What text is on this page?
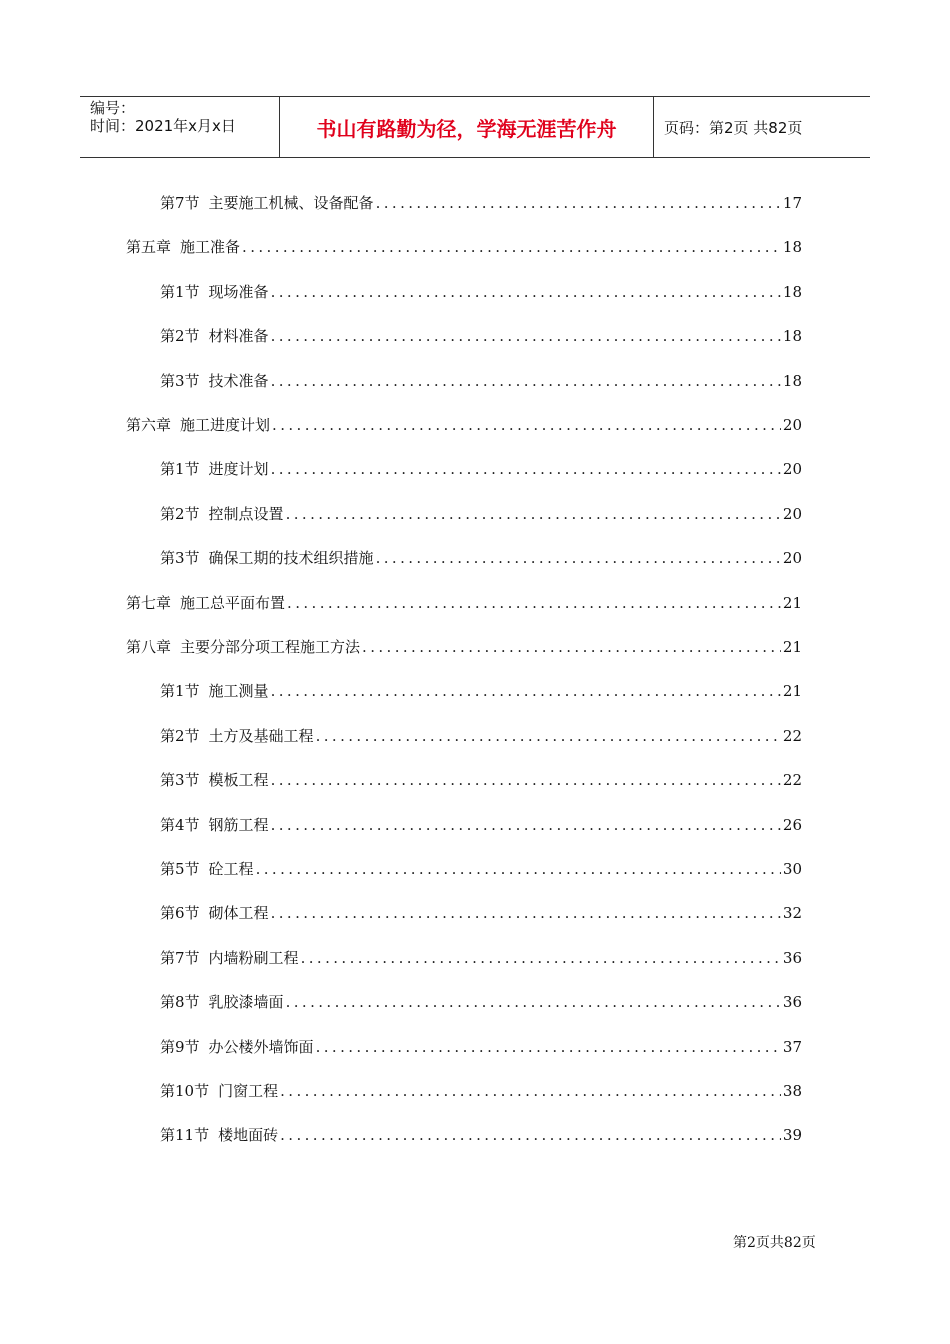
编号：
时间：2021年x月x日	书山有路勤为径，学海无涯苦作舟	页码：第2页 共82页
第7节 主要施工机械、设备配备 .....	17
第五章 施工准备 .....	18
第1节 现场准备 .....	18
第2节 材料准备 .....	18
第3节 技术准备 .....	18
第六章 施工进度计划 .....	20
第1节 进度计划 .....	20
第2节 控制点设置 .....	20
第3节 确保工期的技术组织措施 .....	20
第七章 施工总平面布置 .....	21
第八章 主要分部分项工程施工方法 .....	21
第1节 施工测量 .....	21
第2节 土方及基础工程 .....	22
第3节 模板工程 .....	22
第4节 钢筋工程 .....	26
第5节 砼工程 .....	30
第6节 砌体工程 .....	32
第7节 内墙粉刷工程 .....	36
第8节 乳胶漆墙面 .....	36
第9节 办公楼外墙饰面 .....	37
第10节 门窗工程 .....	38
第11节 楼地面砖 .....	39
第2页共82页
